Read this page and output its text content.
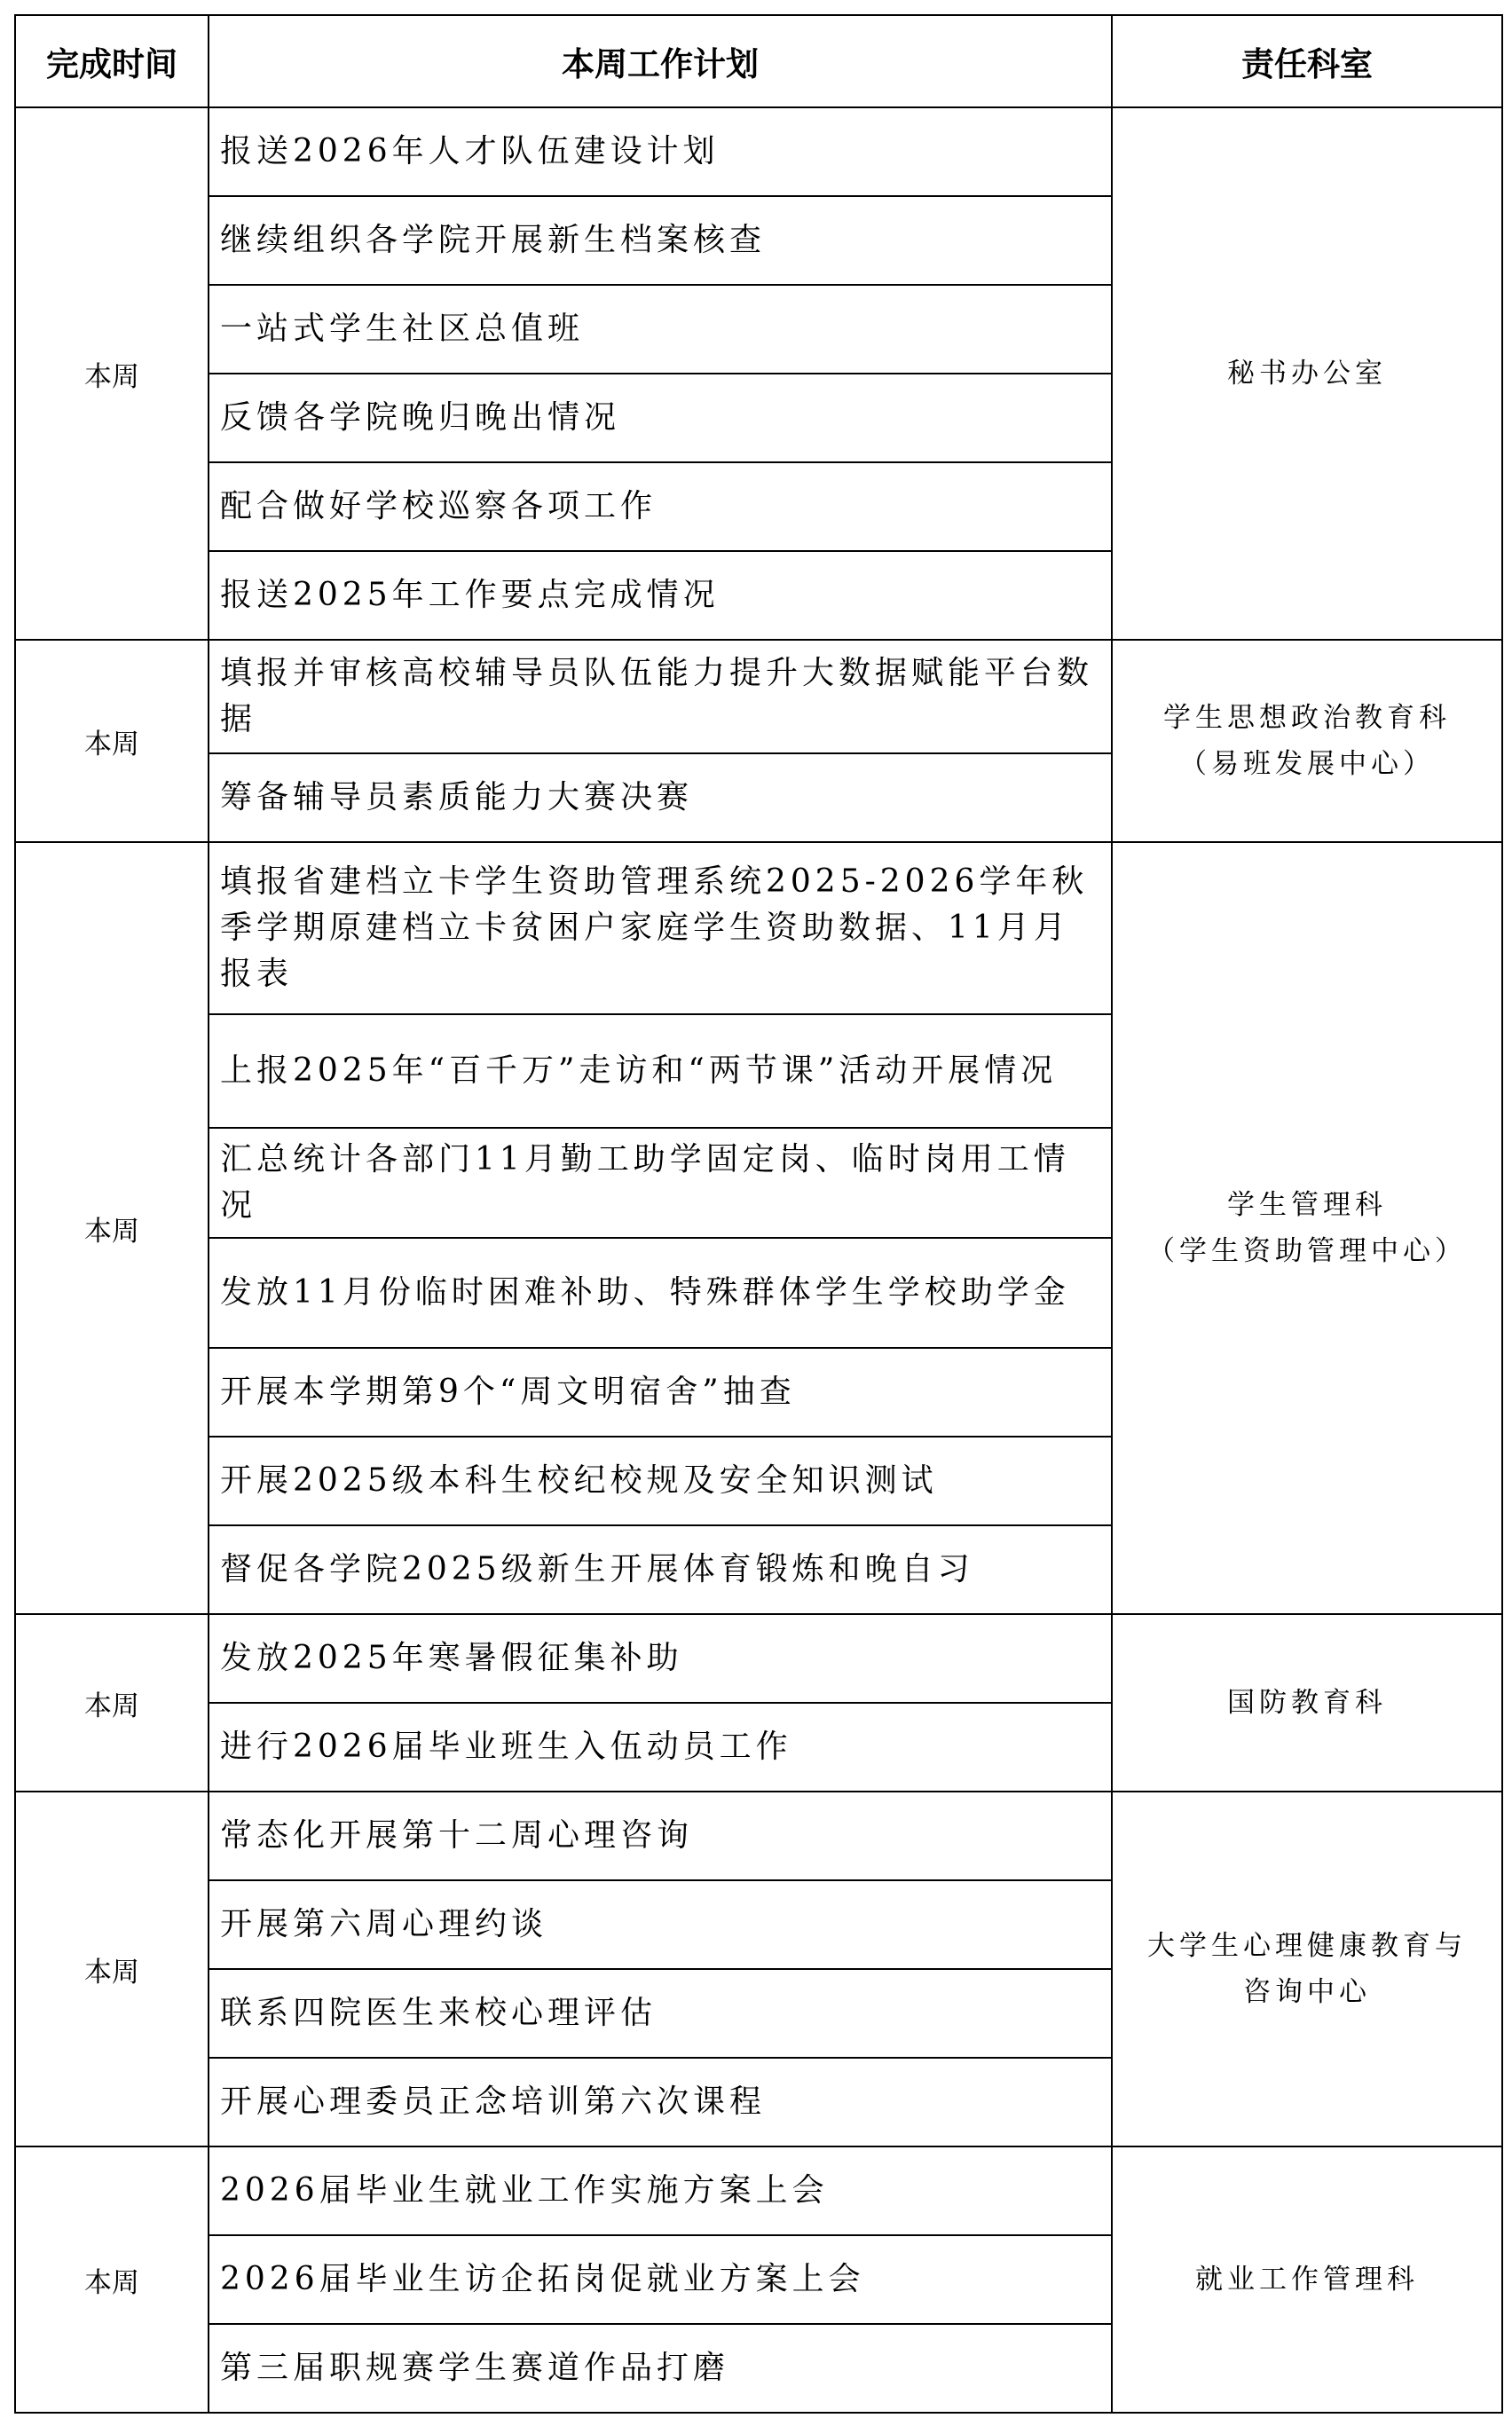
完成时间	本周工作计划	责任科室
本周	报送2026年人才队伍建设计划	秘书办公室

	继续组织各学院开展新生档案核查	
	一站式学生社区总值班	
	反馈各学院晚归晚出情况	
	配合做好学校巡察各项工作	
	报送2025年工作要点完成情况	
本周	填报并审核高校辅导员队伍能力提升大数据赋能平台数据	学生思想政治教育科
（易班发展中心）

	筹备辅导员素质能力大赛决赛	
本周	填报省建档立卡学生资助管理系统2025-2026学年秋季学期原建档立卡贫困户家庭学生资助数据、11月月报表	学生管理科
（学生资助管理中心）

	上报2025年“百千万”走访和“两节课”活动开展情况	
	汇总统计各部门11月勤工助学固定岗、临时岗用工情况	
	发放11月份临时困难补助、特殊群体学生学校助学金	
	开展本学期第9个“周文明宿舍”抽查	
	开展2025级本科生校纪校规及安全知识测试	
	督促各学院2025级新生开展体育锻炼和晚自习	
本周	发放2025年寒暑假征集补助	国防教育科

	进行2026届毕业班生入伍动员工作	
本周	常态化开展第十二周心理咨询	大学生心理健康教育与
咨询中心

	开展第六周心理约谈	
	联系四院医生来校心理评估	
	开展心理委员正念培训第六次课程	
本周	2026届毕业生就业工作实施方案上会	就业工作管理科

	2026届毕业生访企拓岗促就业方案上会	
	第三届职规赛学生赛道作品打磨	
